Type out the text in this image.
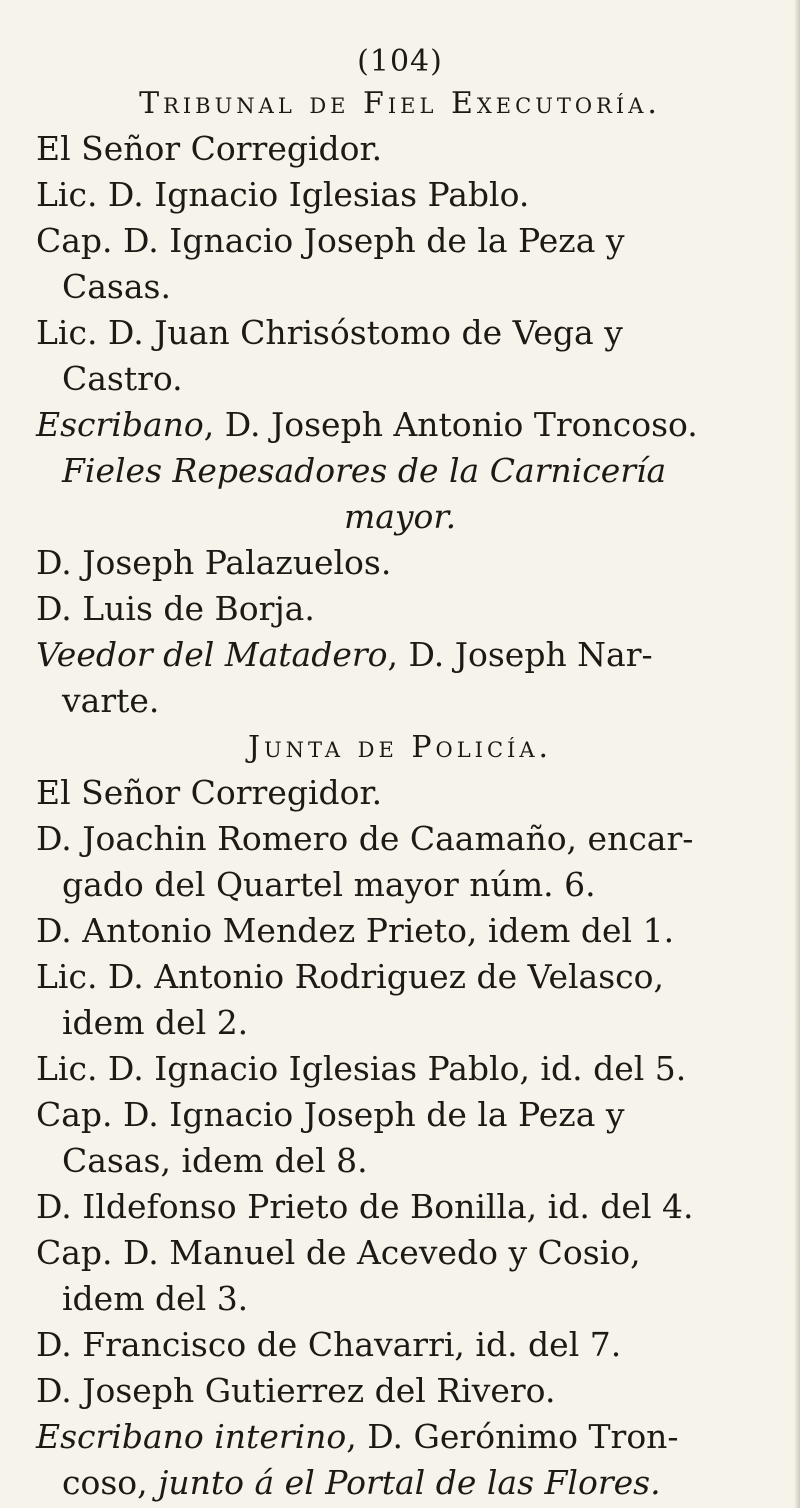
(104)
Tribunal de Fiel Executoría.
El Señor Corregidor.
Lic. D. Ignacio Iglesias Pablo.
Cap. D. Ignacio Joseph de la Peza y
Casas.
Lic. D. Juan Chrisóstomo de Vega y
Castro.
Escribano, D. Joseph Antonio Troncoso.
Fieles Repesadores de la Carnicería
mayor.
D. Joseph Palazuelos.
D. Luis de Borja.
Veedor del Matadero, D. Joseph Nar-
varte.
Junta de Policía.
El Señor Corregidor.
D. Joachin Romero de Caamaño, encar-
gado del Quartel mayor núm. 6.
D. Antonio Mendez Prieto, idem del 1.
Lic. D. Antonio Rodriguez de Velasco,
idem del 2.
Lic. D. Ignacio Iglesias Pablo, id. del 5.
Cap. D. Ignacio Joseph de la Peza y
Casas, idem del 8.
D. Ildefonso Prieto de Bonilla, id. del 4.
Cap. D. Manuel de Acevedo y Cosio,
idem del 3.
D. Francisco de Chavarri, id. del 7.
D. Joseph Gutierrez del Rivero.
Escribano interino, D. Gerónimo Tron-
coso, junto á el Portal de las Flores.
